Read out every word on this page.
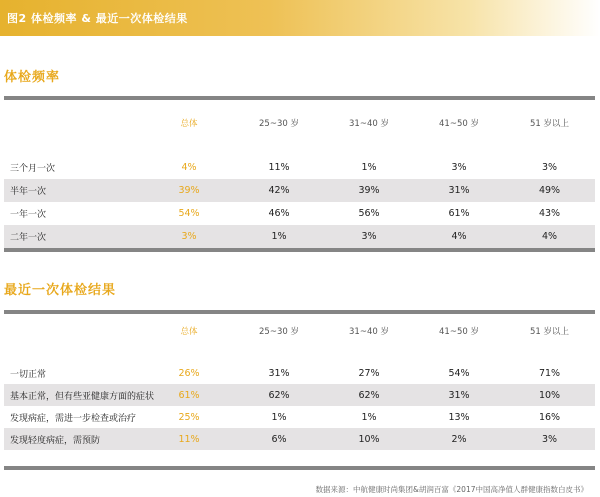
图2 体检频率 & 最近一次体检结果
体检频率
	总体	25~30 岁	31~40 岁	41~50 岁	51 岁以上

三个月一次	4%	11%	1%	3%	3%
半年一次	39%	42%	39%	31%	49%
一年一次	54%	46%	56%	61%	43%
二年一次	3%	1%	3%	4%	4%
最近一次体检结果
	总体	25~30 岁	31~40 岁	41~50 岁	51 岁以上

一切正常	26%	31%	27%	54%	71%
基本正常，但有些亚健康方面的症状	61%	62%	62%	31%	10%
发现病症，需进一步检查或治疗	25%	1%	1%	13%	16%
发现轻度病症，需预防	11%	6%	10%	2%	3%
数据来源：中航健康时尚集团&胡润百富《2017中国高净值人群健康指数白皮书》
